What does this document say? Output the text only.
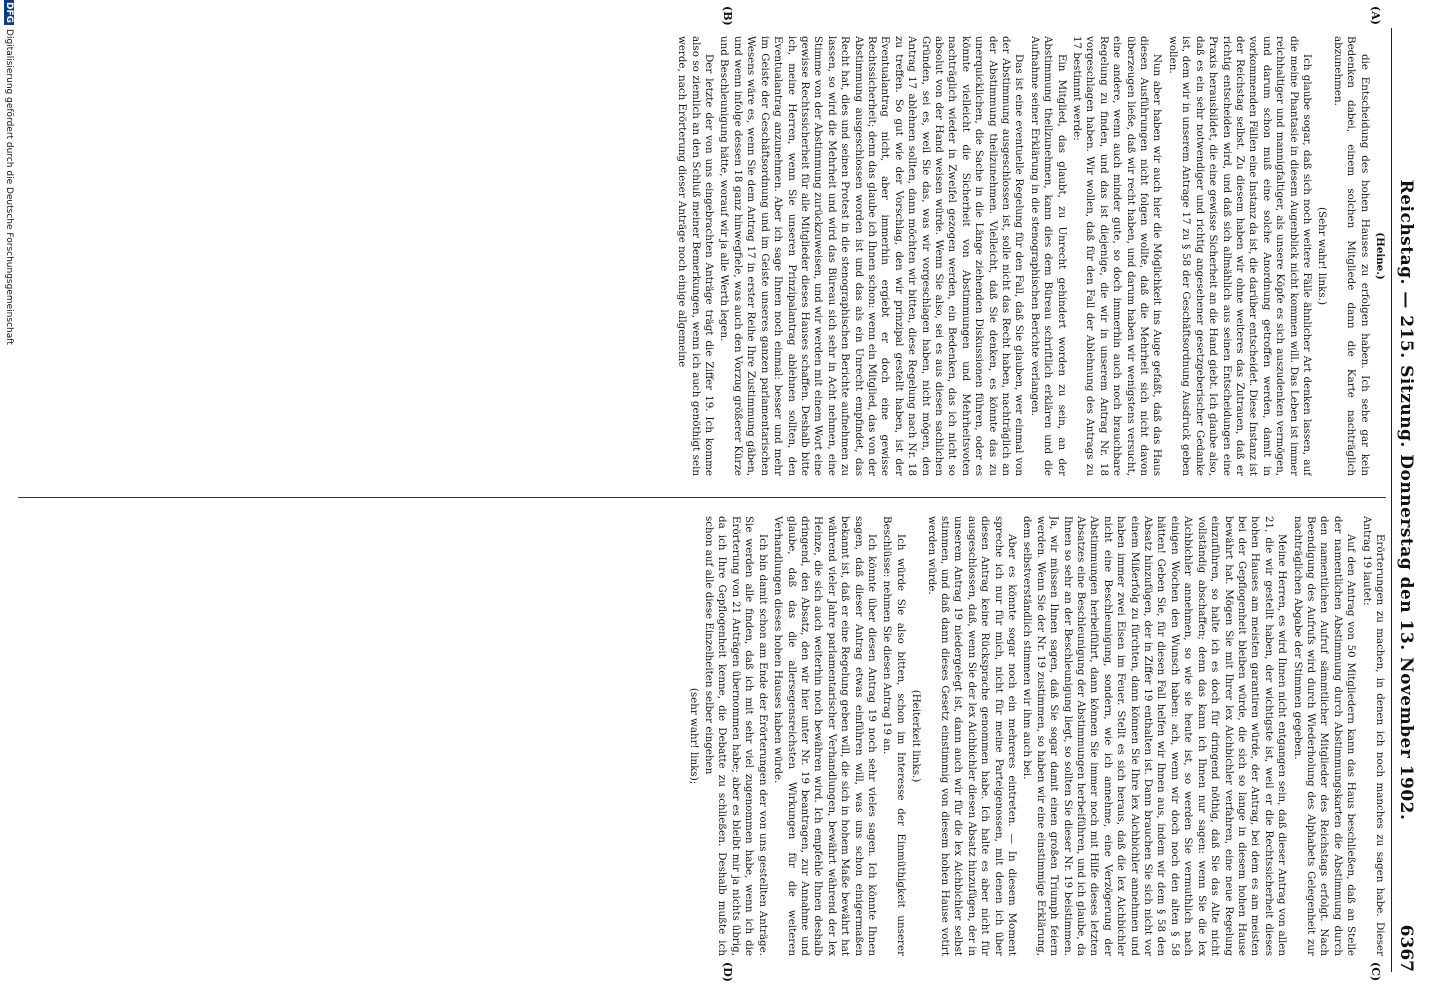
Reichstag. — 215. Sitzung. Donnerstag den 13. November 1902.
6367

(Heine.)

die Entscheidung des hohen Hauses zu erfolgen haben. Ich sehe gar kein Bedenken dabei, einem solchen Mitgliede dann die Karte nachträglich abzunehmen.

(Sehr wahr! links.)

Ich glaube sogar, daß sich noch weitere Fälle ähnlicher Art denken lassen, auf die meine Phantasie in diesem Augenblick nicht kommen will. Das Leben ist immer reichhaltiger und mannigfaltiger, als unsere Köpfe es sich auszudenken vermögen, und darum schon muß eine solche Anordnung getroffen werden, damit in vorkommenden Fällen eine Instanz da ist, die darüber entscheidet. Diese Instanz ist der Reichstag selbst. Zu diesem haben wir ohne weiteres das Zutrauen, daß er richtig entscheiden wird, und daß sich allmählich aus seinen Entscheidungen eine Praxis herausbildet, die eine gewisse Sicherheit an die Hand giebt. Ich glaube also, daß es ein sehr notwendiger und richtig angesehener gesetzgeberischer Gedanke ist, dem wir in unserem Antrage 17 zu § 58 der Geschäftsordnung Ausdruck geben wollen.

Nun aber haben wir auch hier die Möglichkeit ins Auge gefaßt, daß das Haus diesen Ausführungen nicht folgen wollte, daß die Mehrheit sich nicht davon überzeugen ließe, daß wir recht haben, und darum haben wir wenigstens versucht, eine andere, wenn auch minder gute, so doch immerhin auch noch brauchbare Regelung zu finden, und das ist diejenige, die wir in unserem Antrag Nr. 18 vorgeschlagen haben. Wir wollen, daß für den Fall der Ablehnung des Antrags zu 17 bestimmt werde:

Ein Mitglied, das glaubt, zu Unrecht gehindert worden zu sein, an der Abstimmung theilzunehmen, kann dies dem Büreau schriftlich erklären und die Aufnahme seiner Erklärung in die stenographischen Berichte verlangen.

Das ist eine eventuelle Regelung für den Fall, daß Sie glauben, wer einmal von der Abstimmung ausgeschlossen ist, solle nicht das Recht haben, nachträglich an der Abstimmung theilzunehmen. Vielleicht, daß Sie denken, es könnte das zu unerquicklichen, die Sache in die Länge ziehenden Diskussionen führen, oder es könnte vielleicht die Sicherheit von Abstimmungen und Mehrheitsvoten nachträglich wieder in Zweifel gezogen werden, ein Bedenken, das ich nicht so absolut von der Hand weisen würde. Wenn Sie also, sei es aus diesen sachlichen Gründen, sei es, weil Sie das, was wir vorgeschlagen haben, nicht mögen, den Antrag 17 ablehnen sollten, dann möchten wir bitten, diese Regelung nach Nr. 18 zu treffen. So gut wie der Vorschlag, den wir prinzipal gestellt haben, ist der Eventualantrag nicht, aber immerhin ergiebt er doch eine gewisse Rechtssicherheit; denn das glaube ich Ihnen schon: wenn ein Mitglied, das von der Abstimmung ausgeschlossen worden ist und das als ein Unrecht empfindet, das Recht hat, dies und seinen Protest in die stenographischen Berichte aufnehmen zu lassen, so wird die Mehrheit und wird das Büreau sich sehr in Acht nehmen, eine Stimme von der Abstimmung zurückzuweisen, und wir werden mit einem Wort eine gewisse Rechtssicherheit für alle Mitglieder dieses Hauses schaffen. Deshalb bitte ich, meine Herren, wenn Sie unseren Prinzipalantrag ablehnen sollten, den Eventualantrag anzunehmen. Aber ich sage Ihnen noch einmal: besser und mehr im Geiste der Geschäftsordnung und im Geiste unseres ganzen parlamentarischen Wesens wäre es, wenn Sie dem Antrag 17 in erster Reihe Ihre Zustimmung gäben, und wenn infolge dessen 18 ganz hinwegfiele, was auch den Vorzug größerer Kürze und Beschleunigung hätte, worauf wir ja alle Werth legen.

Der letzte der von uns eingebrachten Anträge trägt die Ziffer 19. Ich komme also so ziemlich an den Schluß meiner Bemerkungen, wenn ich auch genöthigt sein werde, nach Erörterung dieser Anträge noch einige allgemeine

Erörterungen zu machen, in denen ich noch manches zu sagen habe. Dieser Antrag 19 lautet:

Auf den Antrag von 50 Mitgliedern kann das Haus beschließen, daß an Stelle der namentlichen Abstimmung durch Abstimmungskarten die Abstimmung durch den namentlichen Aufruf sämmtlicher Mitglieder des Reichstags erfolgt. Nach Beendigung des Aufrufs wird durch Wiederholung des Alphabets Gelegenheit zur nachträglichen Abgabe der Stimmen gegeben.

Meine Herren, es wird Ihnen nicht entgangen sein, daß dieser Antrag von allen 21, die wir gestellt haben, der wichtigste ist, weil er die Rechtssicherheit dieses hohen Hauses am meisten garantiren würde, der Antrag, bei dem es am meisten bei der Gepflogenheit bleiben würde, die sich so lange in diesem hohen Hause bewährt hat. Mögen Sie mit Ihrer lex Aichbichler verfahren, eine neue Regelung einzuführen, so halte ich es doch für dringend nöthig, daß Sie das Alte nicht vollständig abschaffen; denn das kann ich Ihnen nur sagen: wenn Sie die lex Aichbichler annehmen, so wie sie heute ist, so werden Sie vermuthlich nach einigen Wochen den Wunsch haben: ach, wenn wir doch noch den alten § 58 hätten! Geben Sie, für diesen Fall helfen wir Ihnen aus, indem wir dem § 58 den Absatz hinzufügen, der in Ziffer 19 enthalten ist. Dann brauchen Sie sich nicht vor einem Mißerfolg zu fürchten, dann können Sie Ihre lex Aichbichler annehmen und haben immer zwei Eisen im Feuer. Stellt es sich heraus, daß die lex Aichbichler nicht eine Beschleunigung, sondern, wie ich annehme, eine Verzögerung der Abstimmungen herbeiführt, dann können Sie immer noch mit Hilfe dieses letzten Absatzes eine Beschleunigung der Abstimmungen herbeiführen, und ich glaube, da Ihnen so sehr an der Beschleunigung liegt, so sollten Sie dieser Nr. 19 beistimmen. Ja, wir müssen Ihnen sagen, daß Sie sogar damit einen großen Triumph feiern werden. Wenn Sie der Nr. 19 zustimmen, so haben wir eine einstimmige Erklärung, dem selbstverständlich stimmen wir ihm auch bei.

Aber es könnte sogar noch ein mehreres eintreten. — In diesem Moment spreche ich nur für mich, nicht für meine Parteigenossen, mit denen ich über diesen Antrag keine Rücksprache genommen habe. Ich halte es aber nicht für ausgeschlossen, daß, wenn Sie der lex Aichbichler diesen Absatz hinzufügen, der in unserem Antrag 19 niedergelegt ist, dann auch wir für die lex Aichbichler selbst stimmen, und daß dann dieses Gesetz einstimmig von diesem hohen Hause votirt werden würde.

(Heiterkeit links.)

Ich würde Sie also bitten, schon im Interesse der Einmüthigkeit unserer Beschlüsse: nehmen Sie diesen Antrag 19 an.

Ich könnte über diesen Antrag 19 noch sehr vieles sagen. Ich könnte Ihnen sagen, daß dieser Antrag etwas einführen will, was uns schon einigermaßen bekannt ist, daß er eine Regelung geben will, die sich in hohem Maße bewährt hat während vieler Jahre parlamentarischer Verhandlungen, bewährt während der lex Heinze, die sich auch weiterhin noch bewähren wird. Ich empfehle Ihnen deshalb dringend, den Absatz, den wir hier unter Nr. 19 beantragen, zur Annahme und glaube, daß das die allersegensreichsten Wirkungen für die weiteren Verhandlungen dieses hohen Hauses haben würde.

Ich bin damit schon am Ende der Erörterungen der von uns gestellten Anträge. Sie werden alle finden, daß ich mit sehr viel zugenommen habe, wenn ich die Erörterung von 21 Anträgen übernommen habe; aber es bleibt mir ja nichts übrig, da ich Ihre Gepflogenheit kenne, die Debatte zu schließen. Deshalb mußte ich schon auf alle diese Einzelheiten selber eingehen

(sehr wahr! links);

(A)
(B)
(C)
(D)
DFGDigitalisierung gefördert durch die Deutsche Forschungsgemeinschaft
